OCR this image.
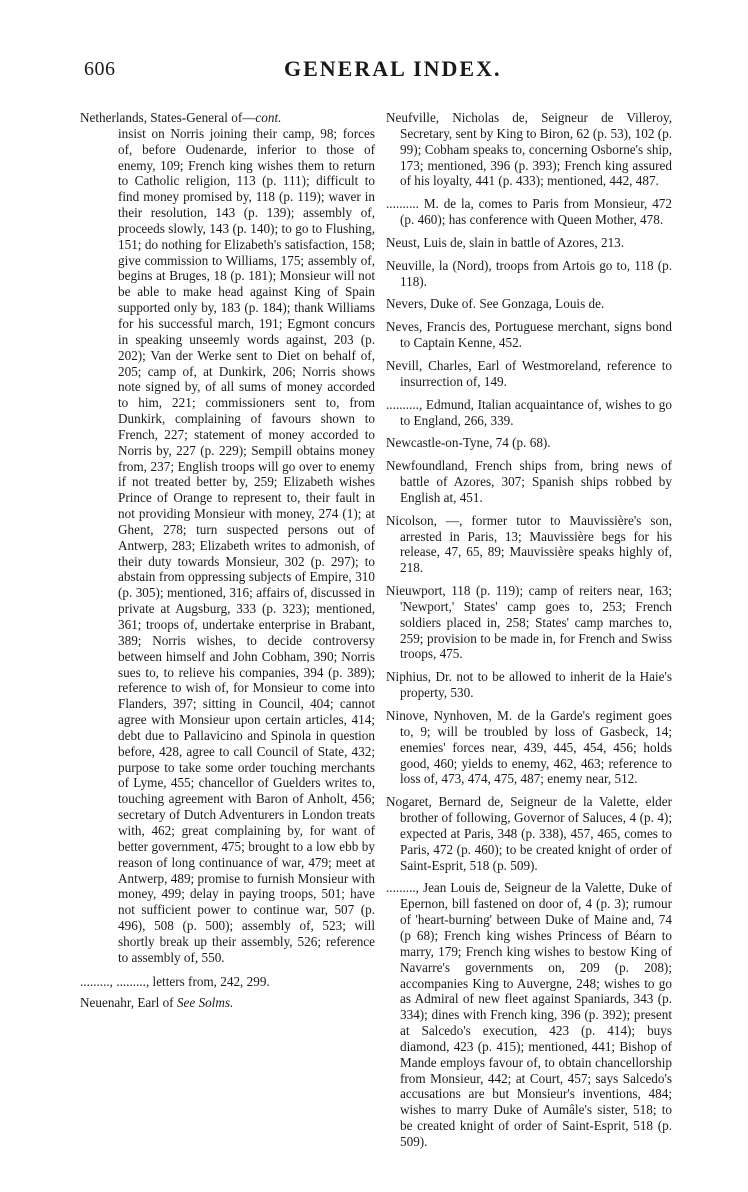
606	GENERAL INDEX.
Netherlands, States-General of—cont.
insist on Norris joining their camp, 98; forces of, before Oudenarde, inferior to those of enemy, 109; French king wishes them to return to Catholic religion, 113 (p. 111); difficult to find money promised by, 118 (p. 119); waver in their resolution, 143 (p. 139); assembly of, proceeds slowly, 143 (p. 140); to go to Flushing, 151; do nothing for Elizabeth's satisfaction, 158; give commission to Williams, 175; assembly of, begins at Bruges, 18 (p. 181); Monsieur will not be able to make head against King of Spain supported only by, 183 (p. 184); thank Williams for his successful march, 191; Egmont concurs in speaking unseemly words against, 203 (p. 202); Van der Werke sent to Diet on behalf of, 205; camp of, at Dunkirk, 206; Norris shows note signed by, of all sums of money accorded to him, 221; commissioners sent to, from Dunkirk, complaining of favours shown to French, 227; statement of money accorded to Norris by, 227 (p. 229); Sempill obtains money from, 237; English troops will go over to enemy if not treated better by, 259; Elizabeth wishes Prince of Orange to represent to, their fault in not providing Monsieur with money, 274 (1); at Ghent, 278; turn suspected persons out of Antwerp, 283; Elizabeth writes to admonish, of their duty towards Monsieur, 302 (p. 297); to abstain from oppressing subjects of Empire, 310 (p. 305); mentioned, 316; affairs of, discussed in private at Augsburg, 333 (p. 323); mentioned, 361; troops of, undertake enterprise in Brabant, 389; Norris wishes, to decide controversy between himself and John Cobham, 390; Norris sues to, to relieve his companies, 394 (p. 389); reference to wish of, for Monsieur to come into Flanders, 397; sitting in Council, 404; cannot agree with Monsieur upon certain articles, 414; debt due to Pallavicino and Spinola in question before, 428, agree to call Council of State, 432; purpose to take some order touching merchants of Lyme, 455; chancellor of Guelders writes to, touching agreement with Baron of Anholt, 456; secretary of Dutch Adventurers in London treats with, 462; great complaining by, for want of better government, 475; brought to a low ebb by reason of long continuance of war, 479; meet at Antwerp, 489; promise to furnish Monsieur with money, 499; delay in paying troops, 501; have not sufficient power to continue war, 507 (p. 496), 508 (p. 500); assembly of, 523; will shortly break up their assembly, 526; reference to assembly of, 550.
........., ........., letters from, 242, 299.
Neuenahr, Earl of See Solms.
Neufville, Nicholas de, Seigneur de Villeroy, Secretary, sent by King to Biron, 62 (p. 53), 102 (p. 99); Cobham speaks to, concerning Osborne's ship, 173; mentioned, 396 (p. 393); French king assured of his loyalty, 441 (p. 433); mentioned, 442, 487.
.......... M. de la, comes to Paris from Monsieur, 472 (p. 460); has conference with Queen Mother, 478.
Neust, Luis de, slain in battle of Azores, 213.
Neuville, la (Nord), troops from Artois go to, 118 (p. 118).
Nevers, Duke of. See Gonzaga, Louis de.
Neves, Francis des, Portuguese merchant, signs bond to Captain Kenne, 452.
Nevill, Charles, Earl of Westmoreland, reference to insurrection of, 149.
.........., Edmund, Italian acquaintance of, wishes to go to England, 266, 339.
Newcastle-on-Tyne, 74 (p. 68).
Newfoundland, French ships from, bring news of battle of Azores, 307; Spanish ships robbed by English at, 451.
Nicolson, —, former tutor to Mauvissière's son, arrested in Paris, 13; Mauvissière begs for his release, 47, 65, 89; Mauvissière speaks highly of, 218.
Nieuwport, 118 (p. 119); camp of reiters near, 163; 'Newport,' States' camp goes to, 253; French soldiers placed in, 258; States' camp marches to, 259; provision to be made in, for French and Swiss troops, 475.
Niphius, Dr. not to be allowed to inherit de la Haie's property, 530.
Ninove, Nynhoven, M. de la Garde's regiment goes to, 9; will be troubled by loss of Gasbeck, 14; enemies' forces near, 439, 445, 454, 456; holds good, 460; yields to enemy, 462, 463; reference to loss of, 473, 474, 475, 487; enemy near, 512.
Nogaret, Bernard de, Seigneur de la Valette, elder brother of following, Governor of Saluces, 4 (p. 4); expected at Paris, 348 (p. 338), 457, 465, comes to Paris, 472 (p. 460); to be created knight of order of Saint-Esprit, 518 (p. 509).
........., Jean Louis de, Seigneur de la Valette, Duke of Epernon, bill fastened on door of, 4 (p. 3); rumour of 'heart-burning' between Duke of Maine and, 74 (p 68); French king wishes Princess of Béarn to marry, 179; French king wishes to bestow King of Navarre's governments on, 209 (p. 208); accompanies King to Auvergne, 248; wishes to go as Admiral of new fleet against Spaniards, 343 (p. 334); dines with French king, 396 (p. 392); present at Salcedo's execution, 423 (p. 414); buys diamond, 423 (p. 415); mentioned, 441; Bishop of Mande employs favour of, to obtain chancellorship from Monsieur, 442; at Court, 457; says Salcedo's accusations are but Monsieur's inventions, 484; wishes to marry Duke of Aumâle's sister, 518; to be created knight of order of Saint-Esprit, 518 (p. 509).
